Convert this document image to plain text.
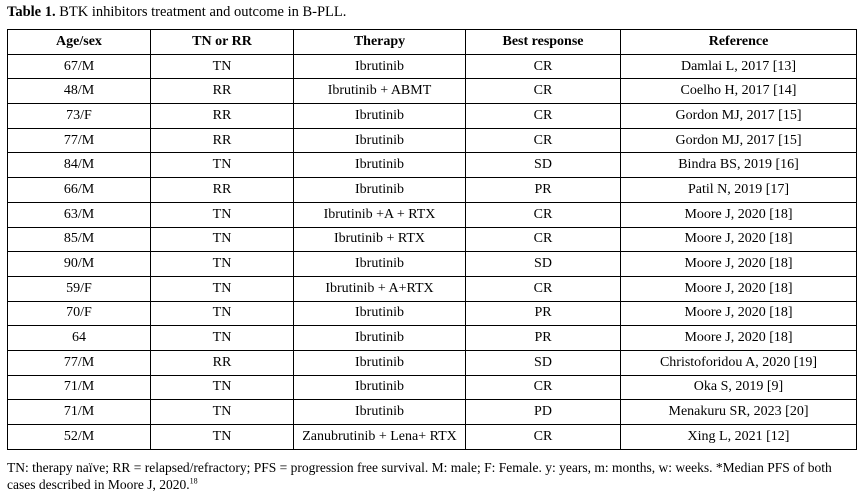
Table 1. BTK inhibitors treatment and outcome in B-PLL.
Age/sex	TN or RR	Therapy	Best response	Reference
67/M	TN	Ibrutinib	CR	Damlai L, 2017 [13]
48/M	RR	Ibrutinib + ABMT	CR	Coelho H, 2017 [14]
73/F	RR	Ibrutinib	CR	Gordon MJ, 2017 [15]
77/M	RR	Ibrutinib	CR	Gordon MJ, 2017 [15]
84/M	TN	Ibrutinib	SD	Bindra BS, 2019 [16]
66/M	RR	Ibrutinib	PR	Patil N, 2019 [17]
63/M	TN	Ibrutinib +A + RTX	CR	Moore J, 2020 [18]
85/M	TN	Ibrutinib + RTX	CR	Moore J, 2020 [18]
90/M	TN	Ibrutinib	SD	Moore J, 2020 [18]
59/F	TN	Ibrutinib + A+RTX	CR	Moore J, 2020 [18]
70/F	TN	Ibrutinib	PR	Moore J, 2020 [18]
64	TN	Ibrutinib	PR	Moore J, 2020 [18]
77/M	RR	Ibrutinib	SD	Christoforidou A, 2020 [19]
71/M	TN	Ibrutinib	CR	Oka S, 2019 [9]
71/M	TN	Ibrutinib	PD	Menakuru SR, 2023 [20]
52/M	TN	Zanubrutinib + Lena+ RTX	CR	Xing L, 2021 [12]
TN: therapy naïve; RR = relapsed/refractory; PFS = progression free survival. M: male; F: Female. y: years, m: months, w: weeks. *Median PFS of both cases described in Moore J, 2020.18
